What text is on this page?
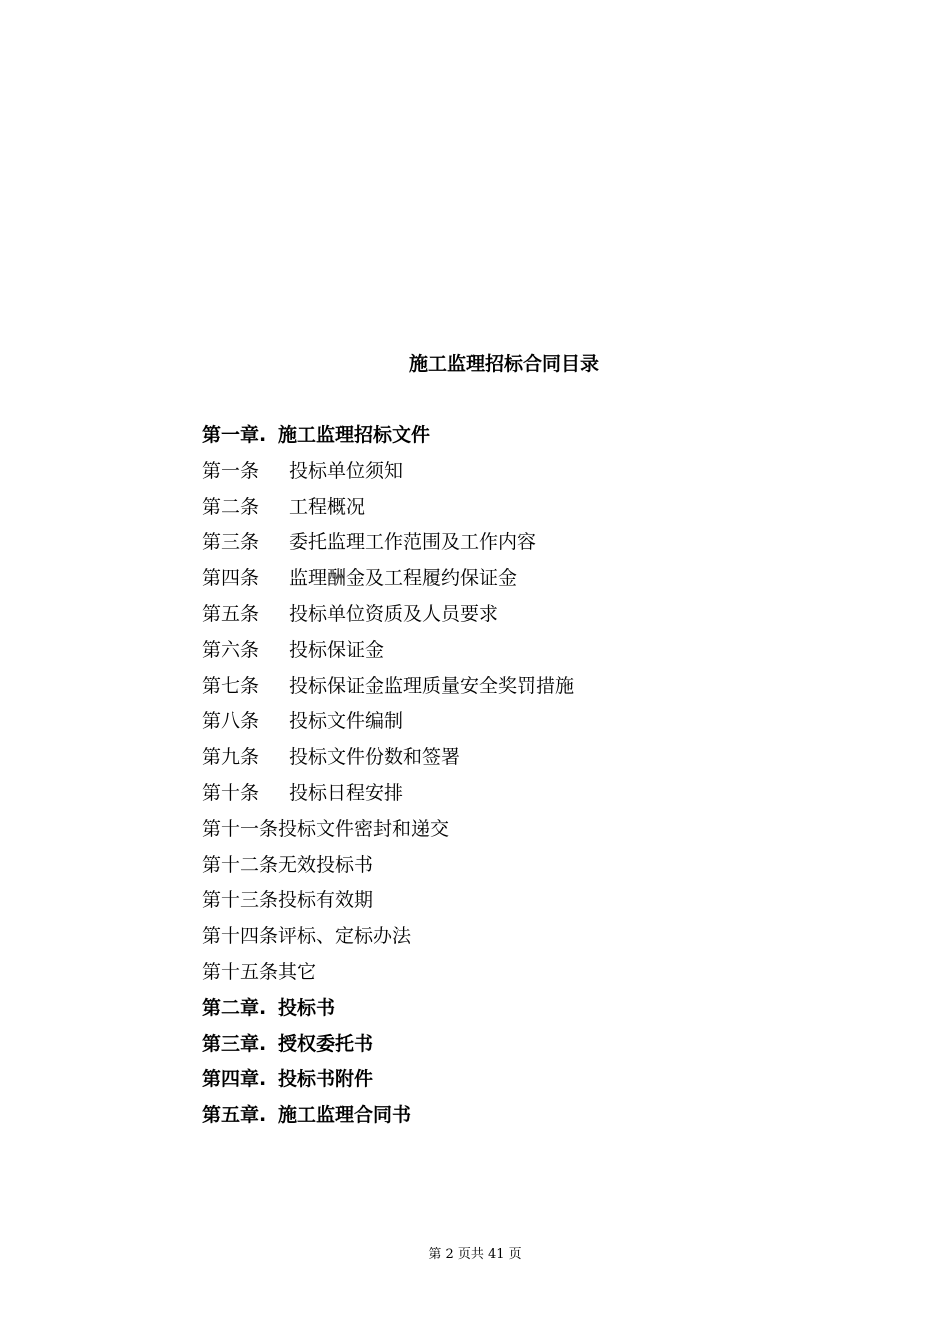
施工监理招标合同目录
第一章. 施工监理招标文件
第一条 投标单位须知
第二条 工程概况
第三条 委托监理工作范围及工作内容
第四条 监理酬金及工程履约保证金
第五条 投标单位资质及人员要求
第六条 投标保证金
第七条 投标保证金监理质量安全奖罚措施
第八条 投标文件编制
第九条 投标文件份数和签署
第十条 投标日程安排
第十一条投标文件密封和递交
第十二条无效投标书
第十三条投标有效期
第十四条评标、定标办法
第十五条其它
第二章. 投标书
第三章. 授权委托书
第四章. 投标书附件
第五章. 施工监理合同书
第 2 页共 41 页
